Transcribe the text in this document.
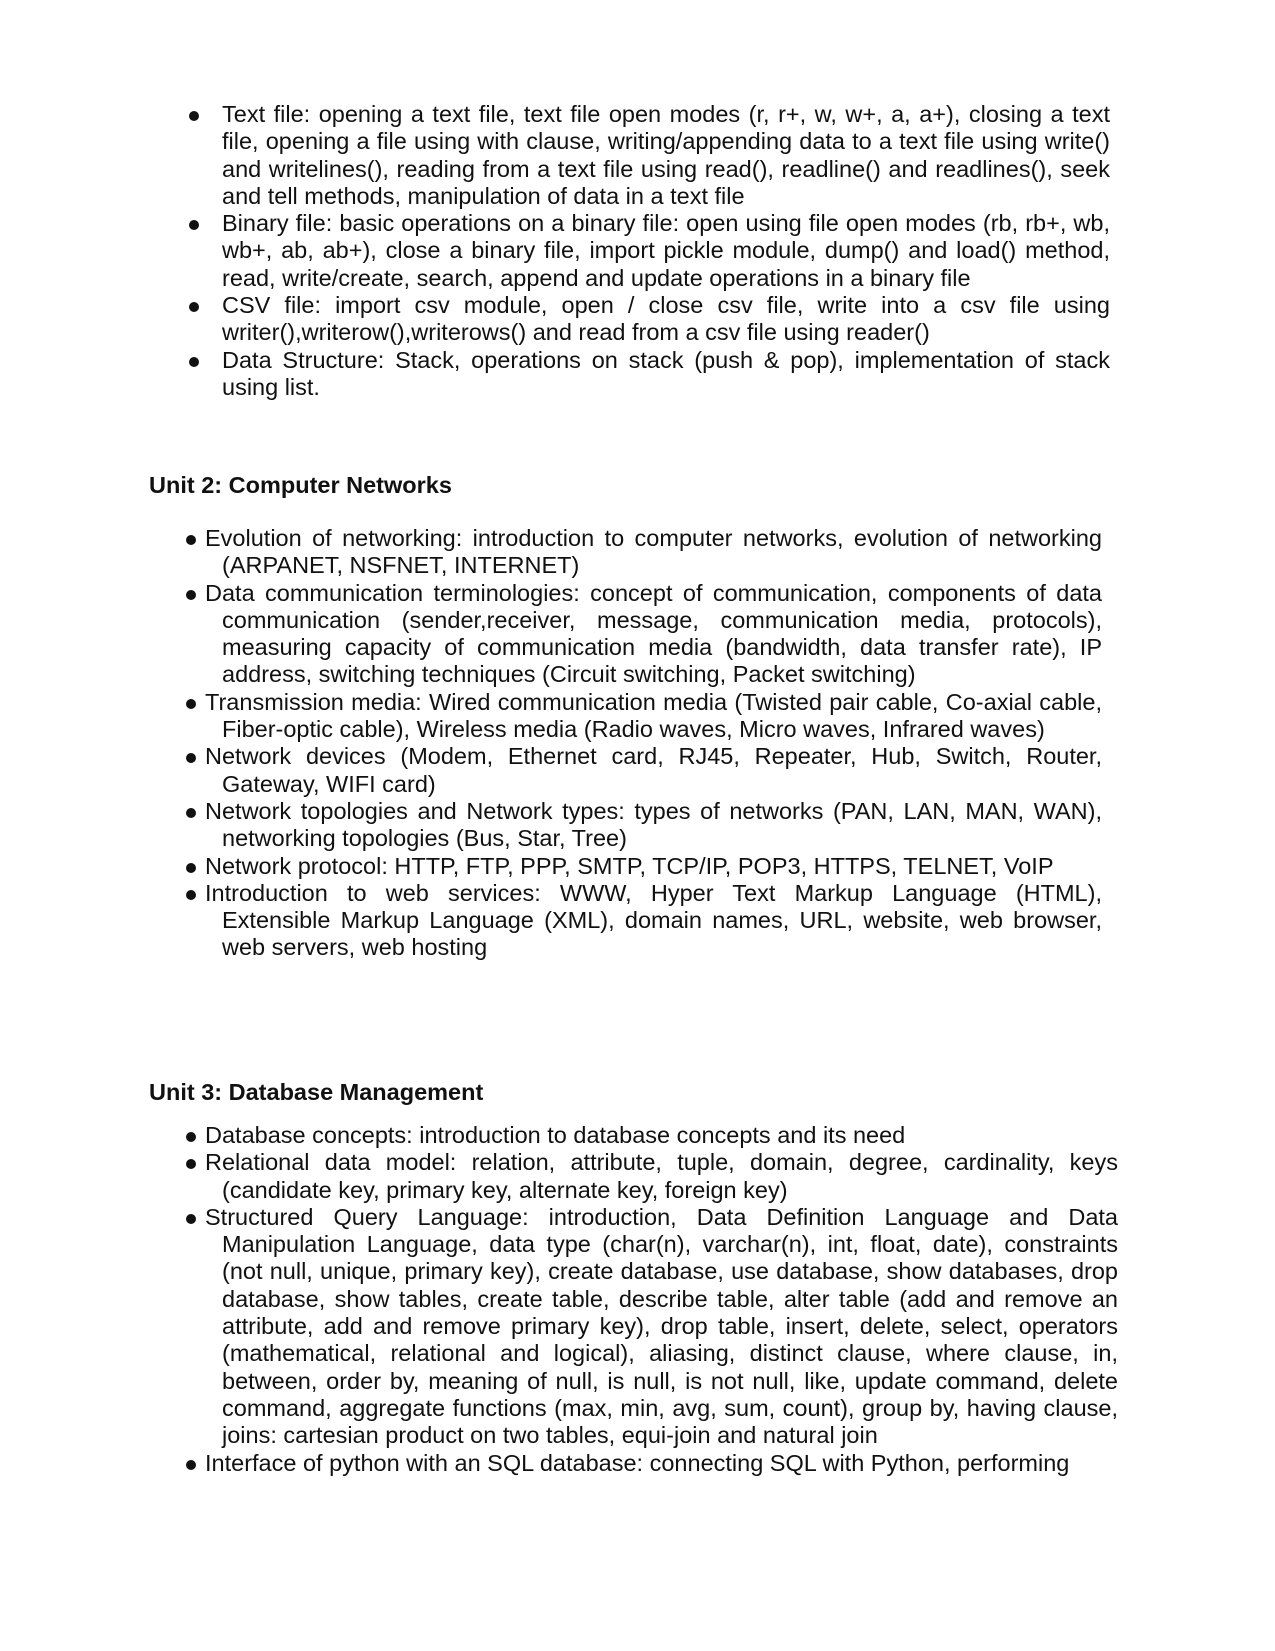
Text file: opening a text file, text file open modes (r, r+, w, w+, a, a+), closing a text file, opening a file using with clause, writing/appending data to a text file using write() and writelines(), reading from a text file using read(), readline() and readlines(), seek and tell methods, manipulation of data in a text file
Binary file: basic operations on a binary file: open using file open modes (rb, rb+, wb, wb+, ab, ab+), close a binary file, import pickle module, dump() and load() method, read, write/create, search, append and update operations in a binary file
CSV file: import csv module, open / close csv file, write into a csv file using writer(),writerow(),writerows() and read from a csv file using reader()
Data Structure: Stack, operations on stack (push & pop), implementation of stack using list.
Unit 2: Computer Networks
Evolution of networking: introduction to computer networks, evolution of networking (ARPANET, NSFNET, INTERNET)
Data communication terminologies: concept of communication, components of data communication (sender,receiver, message, communication media, protocols), measuring capacity of communication media (bandwidth, data transfer rate), IP address, switching techniques (Circuit switching, Packet switching)
Transmission media: Wired communication media (Twisted pair cable, Co-axial cable, Fiber-optic cable), Wireless media (Radio waves, Micro waves, Infrared waves)
Network devices (Modem, Ethernet card, RJ45, Repeater, Hub, Switch, Router, Gateway, WIFI card)
Network topologies and Network types: types of networks (PAN, LAN, MAN, WAN), networking topologies (Bus, Star, Tree)
Network protocol: HTTP, FTP, PPP, SMTP, TCP/IP, POP3, HTTPS, TELNET, VoIP
Introduction to web services: WWW, Hyper Text Markup Language (HTML), Extensible Markup Language (XML), domain names, URL, website, web browser, web servers, web hosting
Unit 3: Database Management
Database concepts: introduction to database concepts and its need
Relational data model: relation, attribute, tuple, domain, degree, cardinality, keys (candidate key, primary key, alternate key, foreign key)
Structured Query Language: introduction, Data Definition Language and Data Manipulation Language, data type (char(n), varchar(n), int, float, date), constraints (not null, unique, primary key), create database, use database, show databases, drop database, show tables, create table, describe table, alter table (add and remove an attribute, add and remove primary key), drop table, insert, delete, select, operators (mathematical, relational and logical), aliasing, distinct clause, where clause, in, between, order by, meaning of null, is null, is not null, like, update command, delete command, aggregate functions (max, min, avg, sum, count), group by, having clause, joins: cartesian product on two tables, equi-join and natural join
Interface of python with an SQL database: connecting SQL with Python, performing
